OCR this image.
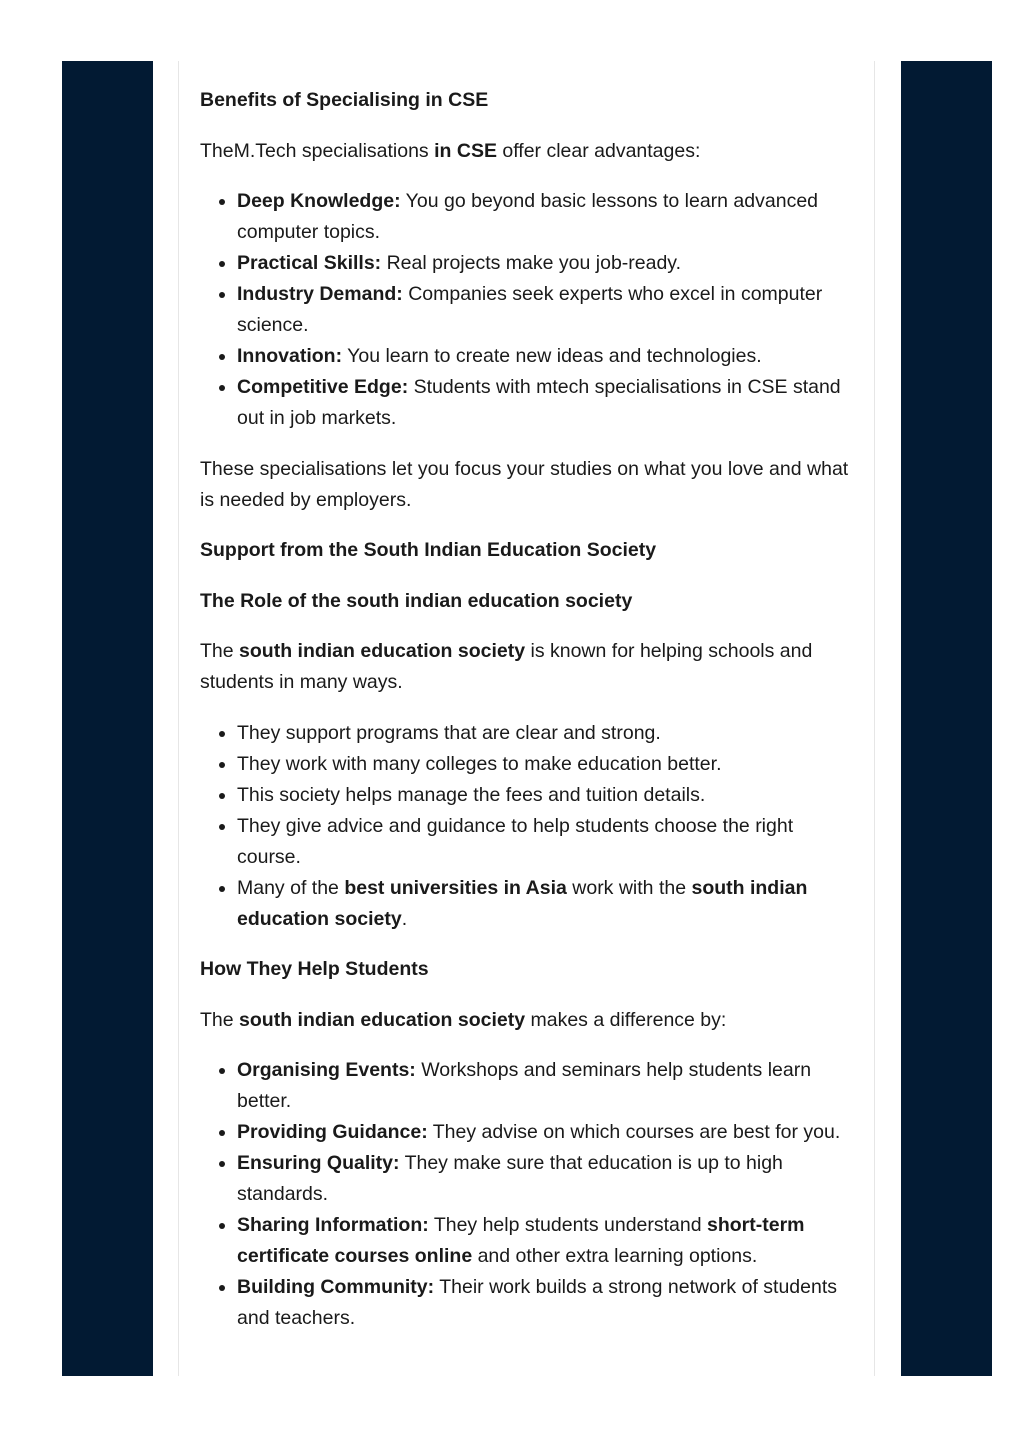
Benefits of Specialising in CSE

TheM.Tech specialisations in CSE offer clear advantages:

• Deep Knowledge: You go beyond basic lessons to learn advanced computer topics.
• Practical Skills: Real projects make you job-ready.
• Industry Demand: Companies seek experts who excel in computer science.
• Innovation: You learn to create new ideas and technologies.
• Competitive Edge: Students with mtech specialisations in CSE stand out in job markets.

These specialisations let you focus your studies on what you love and what is needed by employers.

Support from the South Indian Education Society
The Role of the south indian education society

The south indian education society is known for helping schools and students in many ways.

• They support programs that are clear and strong.
• They work with many colleges to make education better.
• This society helps manage the fees and tuition details.
• They give advice and guidance to help students choose the right course.
• Many of the best universities in Asia work with the south indian education society.
How They Help Students

The south indian education society makes a difference by:

• Organising Events: Workshops and seminars help students learn better.
• Providing Guidance: They advise on which courses are best for you.
• Ensuring Quality: They make sure that education is up to high standards.
• Sharing Information: They help students understand short-term certificate courses online and other extra learning options.
• Building Community: Their work builds a strong network of students and teachers.
